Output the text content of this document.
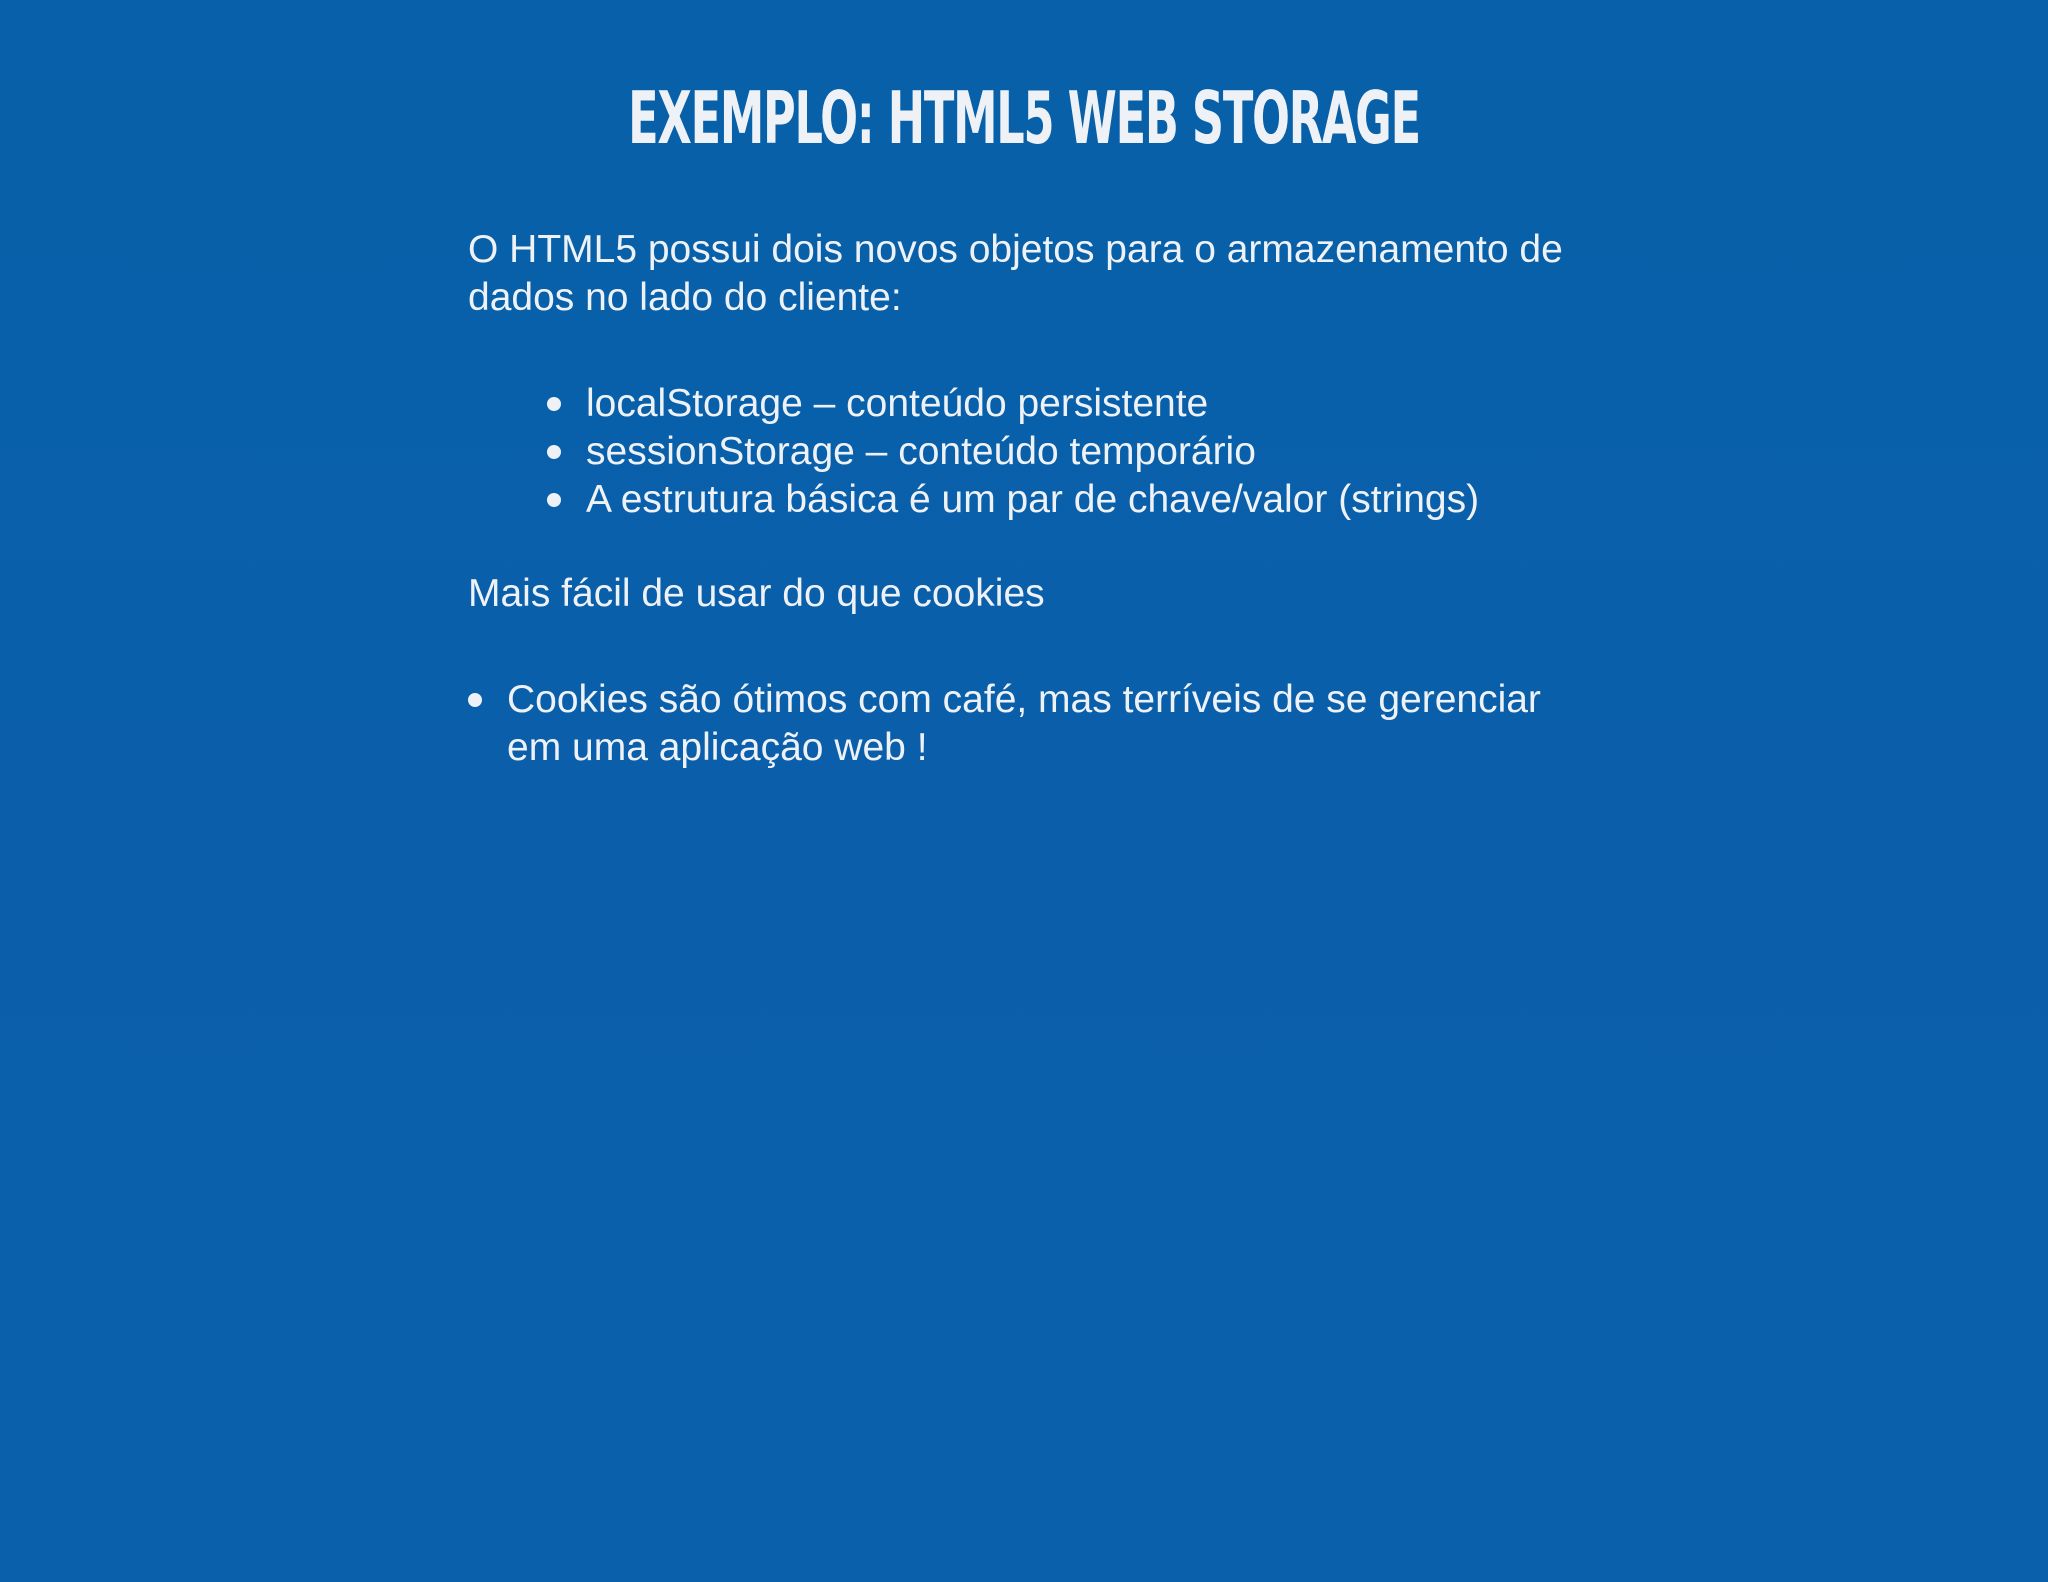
EXEMPLO: HTML5 WEB STORAGE

O HTML5 possui dois novos objetos para o armazenamento de dados no lado do cliente:

localStorage – conteúdo persistente
sessionStorage – conteúdo temporário
A estrutura básica é um par de chave/valor (strings)

Mais fácil de usar do que cookies

Cookies são ótimos com café, mas terríveis de se gerenciar em uma aplicação web !
